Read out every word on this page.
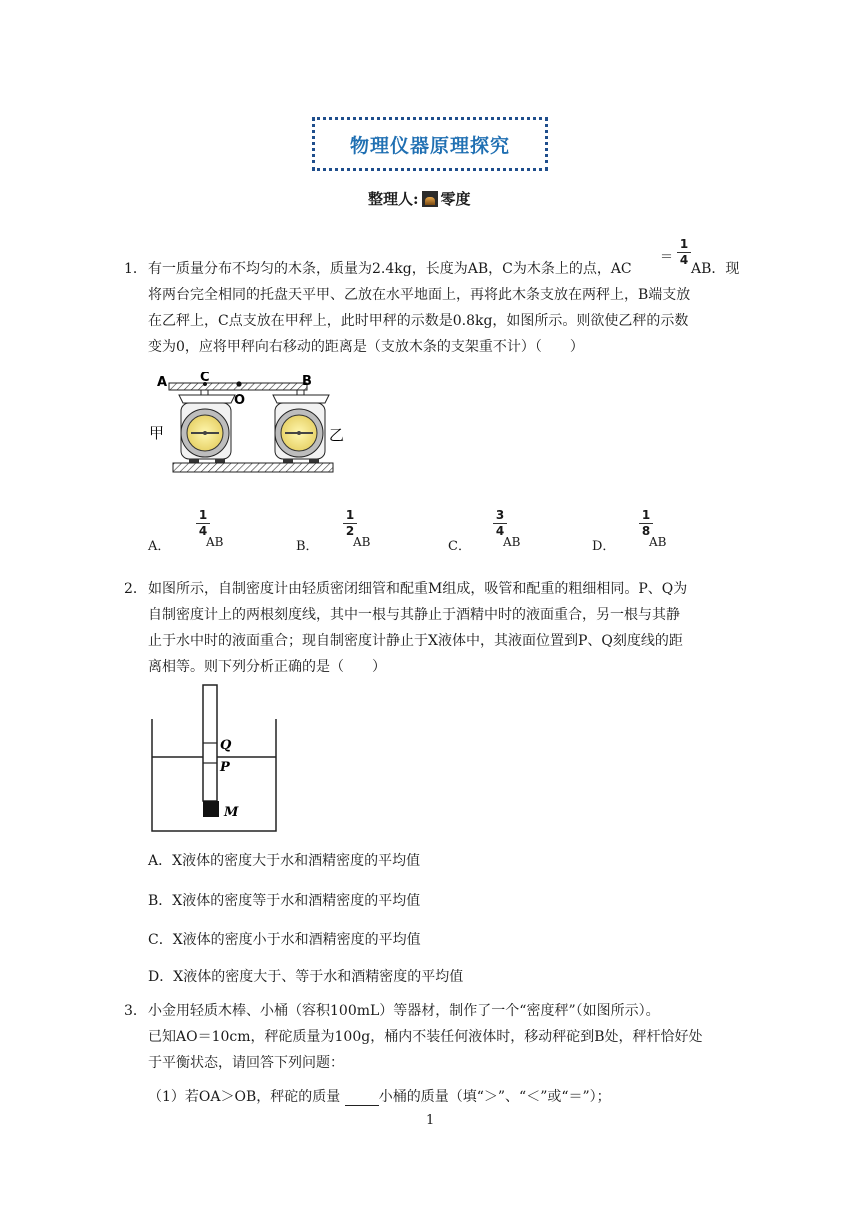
物理仪器原理探究
整理人: 零度
1． 有一质量分布不均匀的木条，质量为2.4kg，长度为AB，C为木条上的点，AC
＝
1
4
AB．现
将两台完全相同的托盘天平甲、乙放在水平地面上，再将此木条支放在两秤上，B端支放
在乙秤上，C点支放在甲秤上，此时甲秤的示数是0.8kg，如图所示。则欲使乙秤的示数
变为0，应将甲秤向右移动的距离是（支放木条的支架重不计）（　　）
A	C
O
B
甲	乙
A．
1
4
AB	B．
1
2
AB	C．
3
4
AB	D．
1
8
AB
2． 如图所示，自制密度计由轻质密闭细管和配重M组成，吸管和配重的粗细相同。P、Q为
自制密度计上的两根刻度线，其中一根与其静止于酒精中时的液面重合，另一根与其静
止于水中时的液面重合；现自制密度计静止于X液体中，其液面位置到P、Q刻度线的距
离相等。则下列分析正确的是（　　）
Q
P
M
A．X液体的密度大于水和酒精密度的平均值
B．X液体的密度等于水和酒精密度的平均值
C．X液体的密度小于水和酒精密度的平均值
D．X液体的密度大于、等于水和酒精密度的平均值
3． 小金用轻质木棒、小桶（容积100mL）等器材，制作了一个“密度秤”（如图所示）。
已知AO＝10cm，秤砣质量为100g，桶内不装任何液体时，移动秤砣到B处，秤杆恰好处
于平衡状态，请回答下列问题：
（1）若OA＞OB，秤砣的质量 小桶的质量（填“＞”、“＜”或“＝”）；
1
